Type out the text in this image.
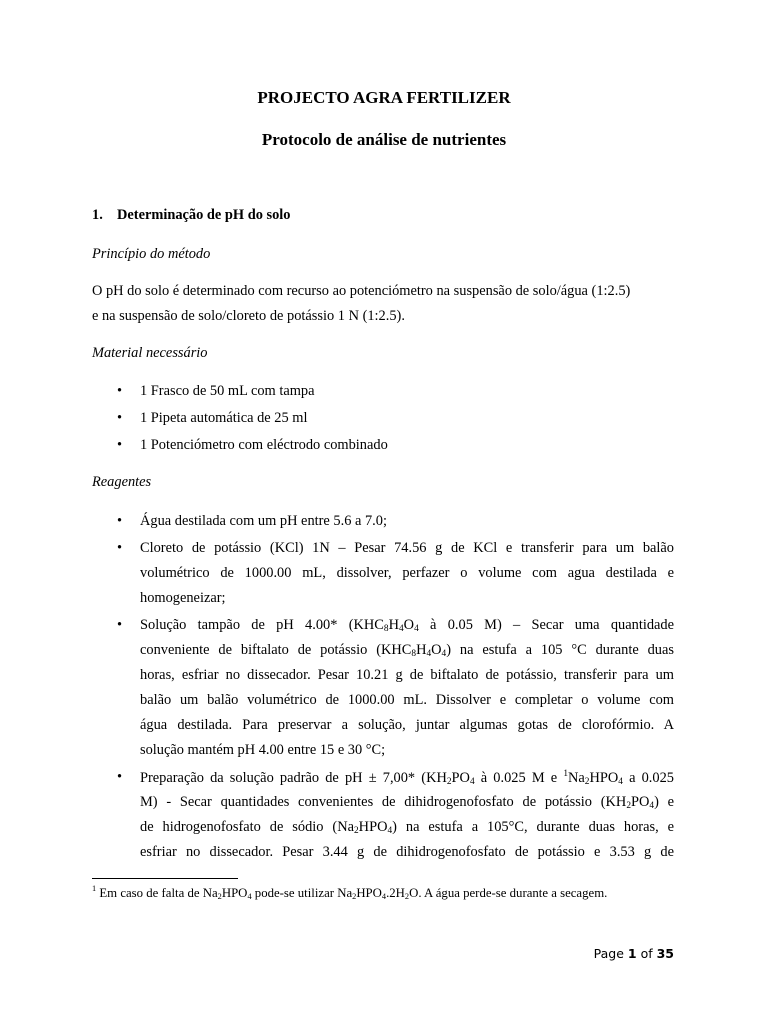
PROJECTO AGRA FERTILIZER
Protocolo de análise de nutrientes
1. Determinação de pH do solo
Princípio do método
O pH do solo é determinado com recurso ao potenciómetro na suspensão de solo/água (1:2.5)
e na suspensão de solo/cloreto de potássio 1 N (1:2.5).
Material necessário
• 1 Frasco de 50 mL com tampa
• 1 Pipeta automática de 25 ml
• 1 Potenciómetro com eléctrodo combinado
Reagentes
• Água destilada com um pH entre 5.6 a 7.0;
• Cloreto de potássio (KCl) 1N – Pesar 74.56 g de KCl e transferir para um balão
volumétrico de 1000.00 mL, dissolver, perfazer o volume com agua destilada e
homogeneizar;
• Solução tampão de pH 4.00* ($KHC_8H_4O_4$ à 0.05 M) – Secar uma quantidade
conveniente de biftalato de potássio $(KHC_8H_4O_4)$ na estufa a 105 °C durante duas
horas, esfriar no dissecador. Pesar 10.21 g de biftalato de potássio, transferir para um
balão um balão volumétrico de 1000.00 mL. Dissolver e completar o volume com
água destilada. Para preservar a solução, juntar algumas gotas de clorofórmio. A
solução mantém pH 4.00 entre 15 e 30 °C;
• Preparação da solução padrão de pH ± 7,00* ($KH_2PO_4$ à 0.025 M e $^1Na_2HPO_4$ a 0.025
M) - Secar quantidades convenientes de dihidrogenofosfato de potássio $(KH_2PO_4)$ e
de hidrogenofosfato de sódio $(Na_2HPO_4)$ na estufa a 105°C, durante duas horas, e
esfriar no dissecador. Pesar 3.44 g de dihidrogenofosfato de potássio e 3.53 g de
$^1$ Em caso de falta de $Na_2HPO_4$ pode-se utilizar $Na_2HPO_4.2H_2O$. A água perde-se durante a secagem.
Page 1 of 35
